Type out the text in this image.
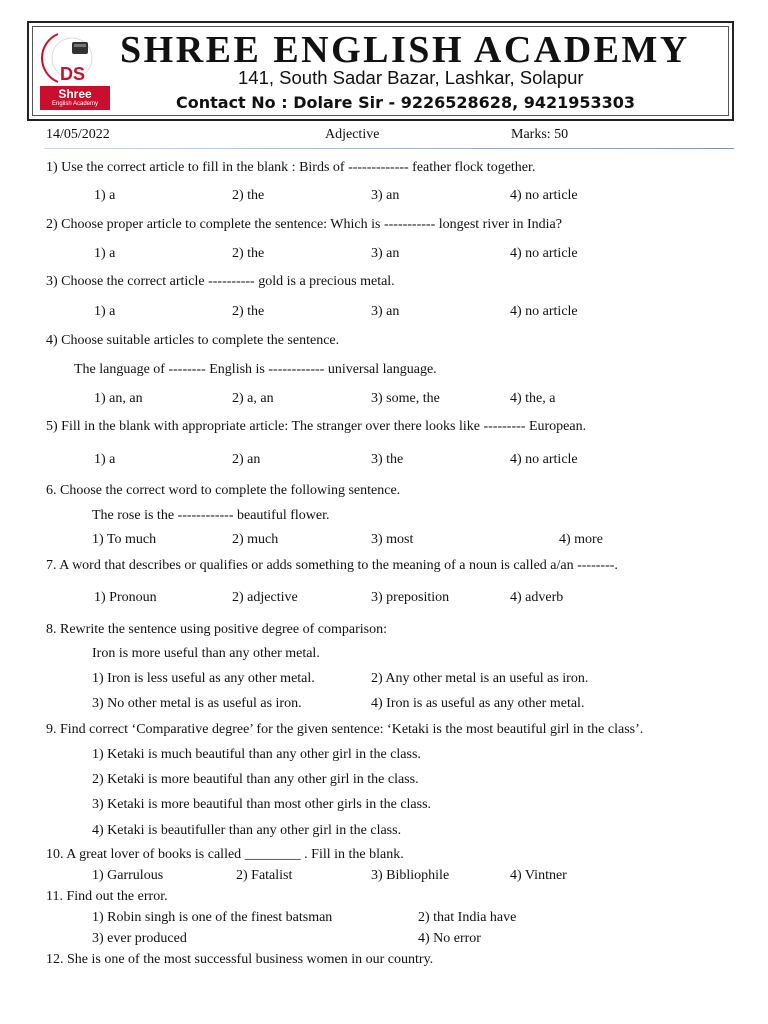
DS
Shree
English Academy
SHREE ENGLISH ACADEMY
141, South Sadar Bazar, Lashkar, Solapur
Contact No : Dolare Sir - 9226528628, 9421953303
14/05/2022	Adjective	Marks: 50
1) Use the correct article to fill in the blank : Birds of ------------- feather flock together.
1) a	2) the	3) an	4) no article
2) Choose proper article to complete the sentence: Which is ----------- longest river in India?
1) a	2) the	3) an	4) no article
3) Choose the correct article ---------- gold is a precious metal.
1) a	2) the	3) an	4) no article
4) Choose suitable articles to complete the sentence.
The language of -------- English is ------------ universal language.
1) an, an	2) a, an	3) some, the	4) the, a
5) Fill in the blank with appropriate article: The stranger over there looks like --------- European.
1) a	2) an	3) the	4) no article
6. Choose the correct word to complete the following sentence.
The rose is the ------------ beautiful flower.
1) To much	2) much	3) most	4) more
7. A word that describes or qualifies or adds something to the meaning of a noun is called a/an --------.
1) Pronoun	2) adjective	3) preposition	4) adverb
8. Rewrite the sentence using positive degree of comparison:
Iron is more useful than any other metal.
1) Iron is less useful as any other metal.	2) Any other metal is an useful as iron.
3) No other metal is as useful as iron.	4) Iron is as useful as any other metal.
9. Find correct ‘Comparative degree’ for the given sentence: ‘Ketaki is the most beautiful girl in the class’.
1) Ketaki is much beautiful than any other girl in the class.
2) Ketaki is more beautiful than any other girl in the class.
3) Ketaki is more beautiful than most other girls in the class.
4) Ketaki is beautifuller than any other girl in the class.
10. A great lover of books is called ________ . Fill in the blank.
1) Garrulous	2) Fatalist	3) Bibliophile	4) Vintner
11. Find out the error.
1) Robin singh is one of the finest batsman	2) that India have
3) ever produced	4) No error
12. She is one of the most successful business women in our country.
